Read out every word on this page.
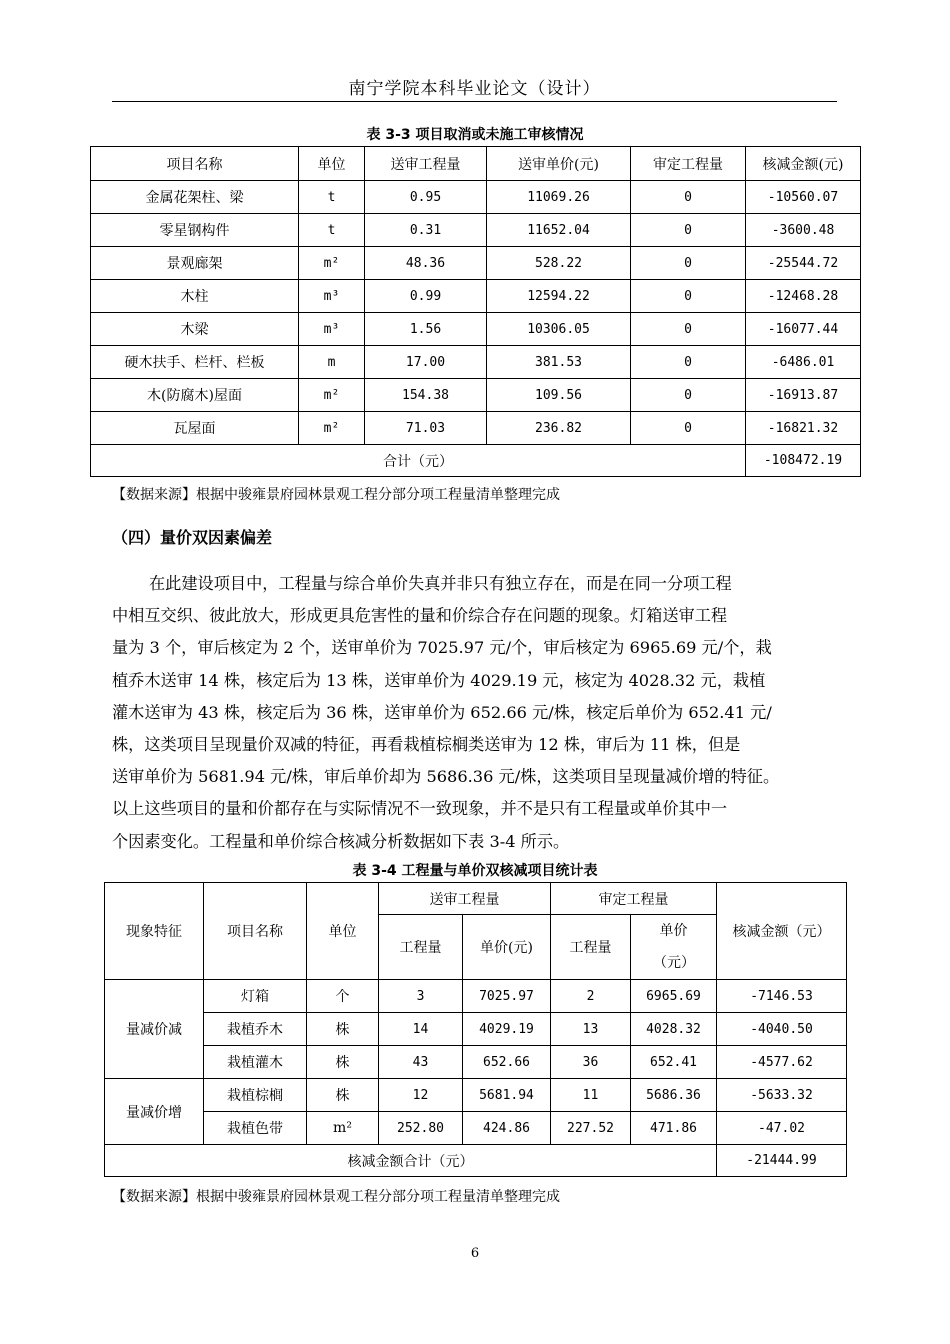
南宁学院本科毕业论文（设计）
表 3-3 项目取消或未施工审核情况
项目名称	单位	送审工程量	送审单价(元)	审定工程量	核减金额(元)
金属花架柱、梁	t	0.95	11069.26	0	-10560.07
零星钢构件	t	0.31	11652.04	0	-3600.48
景观廊架	m²	48.36	528.22	0	-25544.72
木柱	m³	0.99	12594.22	0	-12468.28
木梁	m³	1.56	10306.05	0	-16077.44
硬木扶手、栏杆、栏板	m	17.00	381.53	0	-6486.01
木(防腐木)屋面	m²	154.38	109.56	0	-16913.87
瓦屋面	m²	71.03	236.82	0	-16821.32
合计（元）					-108472.19
【数据来源】根据中骏雍景府园林景观工程分部分项工程量清单整理完成
（四）量价双因素偏差
在此建设项目中，工程量与综合单价失真并非只有独立存在，而是在同一分项工程
中相互交织、彼此放大，形成更具危害性的量和价综合存在问题的现象。灯箱送审工程
量为 3 个，审后核定为 2 个，送审单价为 7025.97 元/个，审后核定为 6965.69 元/个，栽
植乔木送审 14 株，核定后为 13 株，送审单价为 4029.19 元，核定为 4028.32 元，栽植
灌木送审为 43 株，核定后为 36 株，送审单价为 652.66 元/株，核定后单价为 652.41 元/
株，这类项目呈现量价双减的特征，再看栽植棕榈类送审为 12 株，审后为 11 株，但是
送审单价为 5681.94 元/株，审后单价却为 5686.36 元/株，这类项目呈现量减价增的特征。
以上这些项目的量和价都存在与实际情况不一致现象，并不是只有工程量或单价其中一
个因素变化。工程量和单价综合核减分析数据如下表 3-4 所示。
表 3-4 工程量与单价双核减项目统计表
现象特征	项目名称	单位	送审工程量		审定工程量		核减金额（元）
			工程量	单价(元)	工程量	单价（元）	
量减价减	灯箱	个	3	7025.97	2	6965.69	-7146.53
	栽植乔木	株	14	4029.19	13	4028.32	-4040.50
	栽植灌木	株	43	652.66	36	652.41	-4577.62
量减价增	栽植棕榈	株	12	5681.94	11	5686.36	-5633.32
	栽植色带	m²	252.80	424.86	227.52	471.86	-47.02
核减金额合计（元）							-21444.99
【数据来源】根据中骏雍景府园林景观工程分部分项工程量清单整理完成
6
